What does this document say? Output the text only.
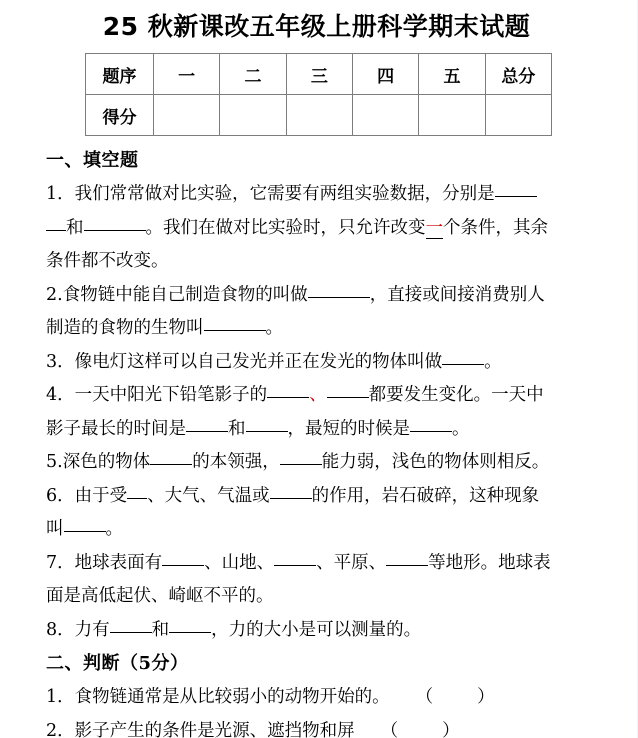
25 秋新课改五年级上册科学期末试题
题序	一	二	三	四	五	总分
得分						
一、填空题
1．我们常常做对比实验，它需要有两组实验数据，分别是
和	。我们在做对比实验时，只允许改变一个条件，其余
条件都不改变。
2.食物链中能自己制造食物的叫做	，直接或间接消费别人
制造的食物的生物叫	。
3．像电灯这样可以自己发光并正在发光的物体叫做 。
4．一天中阳光下铅笔影子的 、 都要发生变化。一天中
影子最长的时间是 和 ，最短的时候是 。
5.深色的物体 的本领强， 能力弱，浅色的物体则相反。
6．由于受 、大气、气温或 的作用，岩石破碎，这种现象
叫 。
7．地球表面有 、山地、 、平原、 等地形。地球表
面是高低起伏、崎岖不平的。
8．力有 和 ，力的大小是可以测量的。
二、判断（5分）
1．食物链通常是从比较弱小的动物开始的。 （	）
2．影子产生的条件是光源、遮挡物和屏 （	）
